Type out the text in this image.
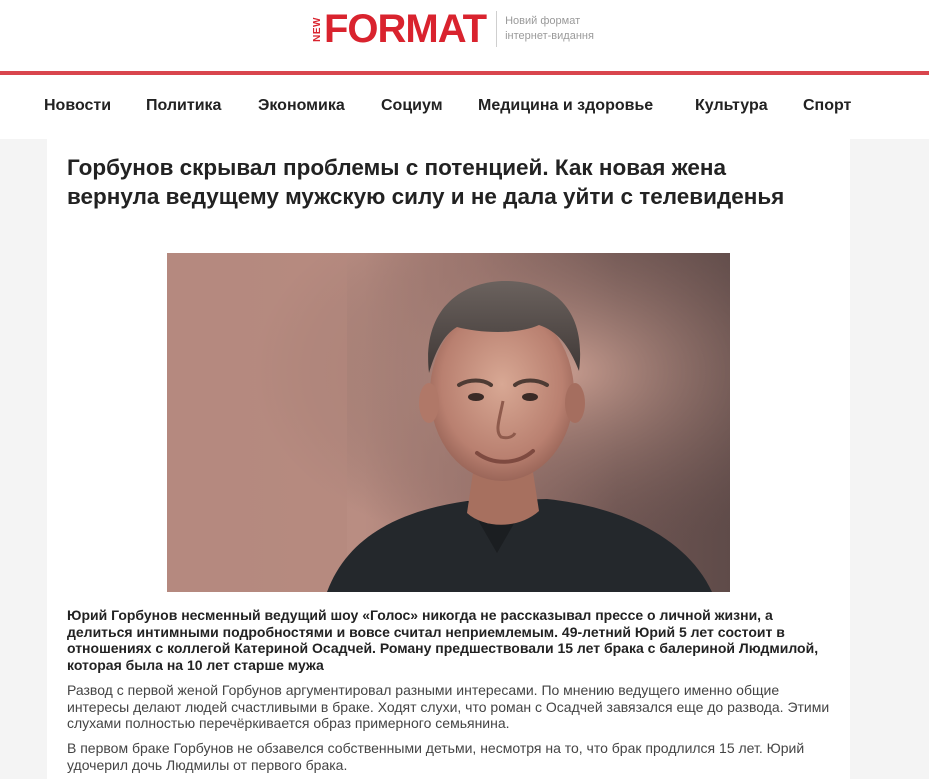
NEW FORMAT Новий формат
інтернет-видання
Новости Политика Экономика Социум Медицина и здоровье	Культура Спорт
Горбунов скрывал проблемы с потенцией. Как новая жена вернула ведущему мужскую силу и не дала уйти с телевиденья

Юрий Горбунов несменный ведущий шоу «Голос» никогда не рассказывал прессе о личной жизни, а делиться интимными подробностями и вовсе считал неприемлемым. 49-летний Юрий 5 лет состоит в отношениях с коллегой Катериной Осадчей. Роману предшествовали 15 лет брака с балериной Людмилой, которая была на 10 лет старше мужа

Развод с первой женой Горбунов аргументировал разными интересами. По мнению ведущего именно общие интересы делают людей счастливыми в браке. Ходят слухи, что роман с Осадчей завязался еще до развода. Этими слухами полностью перечёркивается образ примерного семьянина.

В первом браке Горбунов не обзавелся собственными детьми, несмотря на то, что брак продлился 15 лет. Юрий удочерил дочь Людмилы от первого брака.
